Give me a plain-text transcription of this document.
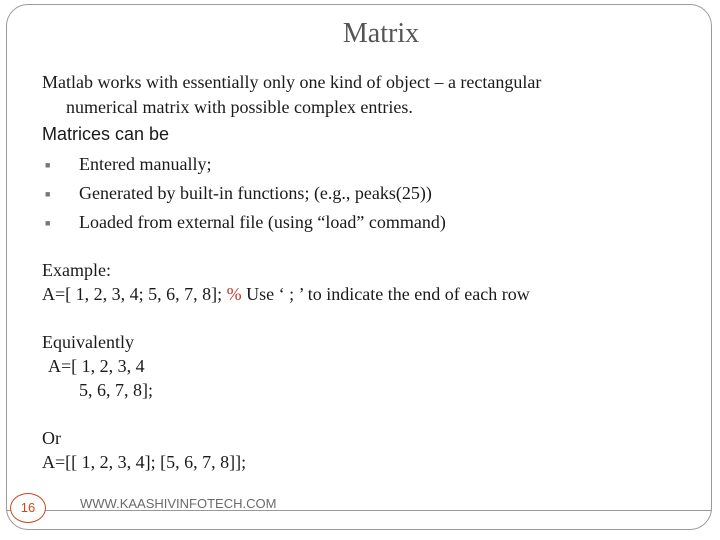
Matrix
Matlab works with essentially only one kind of object – a rectangular
numerical matrix with possible complex entries.
Matrices can be
■ Entered manually;
■ Generated by built-in functions; (e.g., peaks(25))
■ Loaded from external file (using “load” command)
Example:
A=[ 1, 2, 3, 4; 5, 6, 7, 8]; % Use ‘ ; ’ to indicate the end of each row
Equivalently
A=[ 1, 2, 3, 4
5, 6, 7, 8];
Or
A=[[ 1, 2, 3, 4]; [5, 6, 7, 8]];
16	WWW.KAASHIVINFOTECH.COM
